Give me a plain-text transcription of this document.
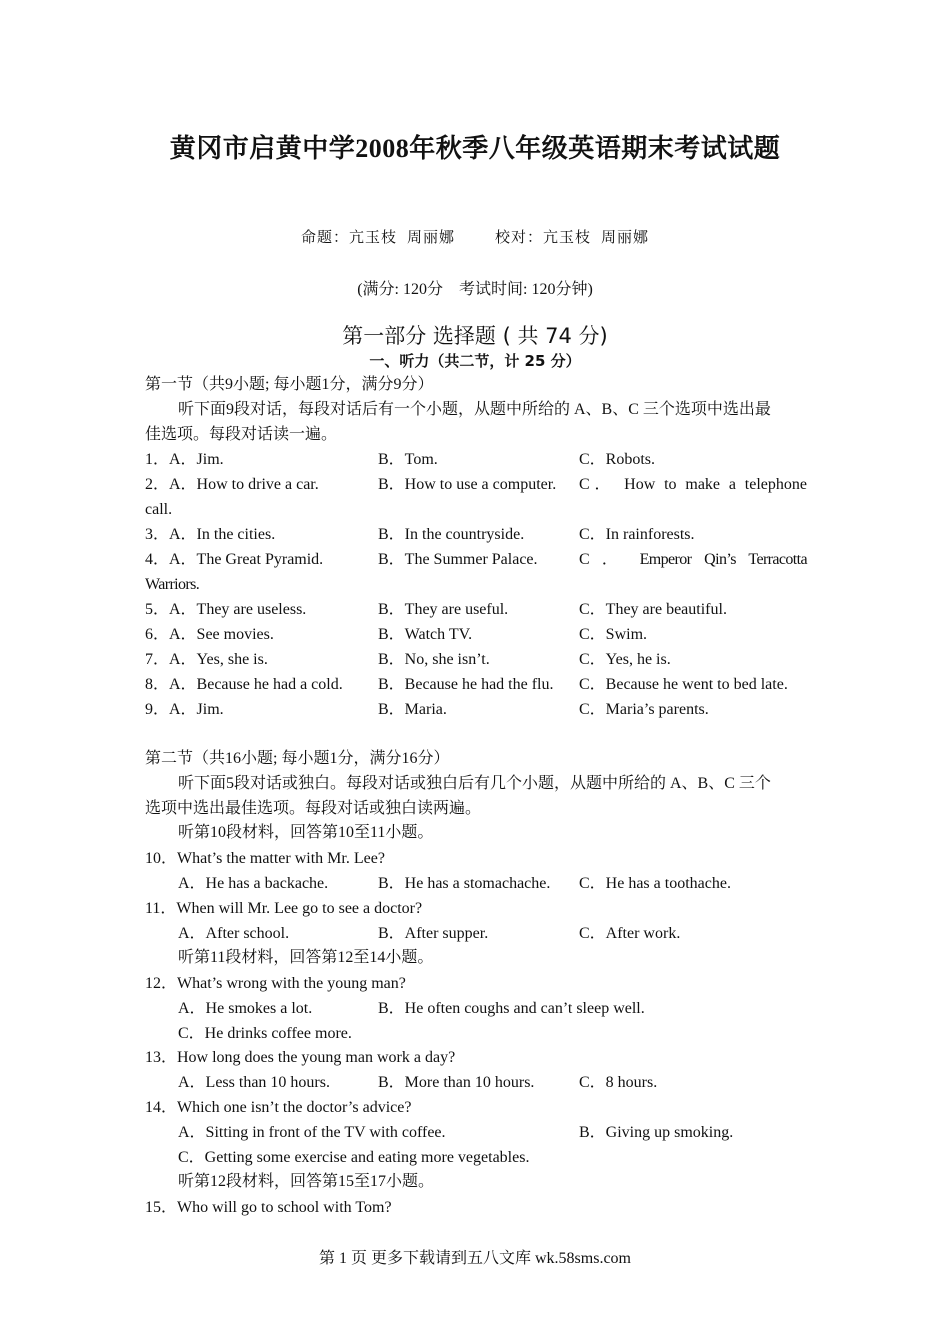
黄冈市启黄中学2008年秋季八年级英语期末考试试题
命题：亢玉枝 周丽娜	校对：亢玉枝 周丽娜
(满分: 120分　考试时间: 120分钟)
第一部分 选择题 ( 共 74 分)
一、听力（共二节，计 25 分）
第一节（共9小题; 每小题1分，满分9分）
听下面9段对话，每段对话后有一个小题，从题中所给的 A、B、C 三个选项中选出最
佳选项。每段对话读一遍。
1．A．Jim.	B．Tom.	C．Robots.
2．A．How to drive a car.	B．How to use a computer. C． How to make a telephone
call.
3．A．In the cities.	B．In the countryside.	C．In rainforests.
4．A．The Great Pyramid.	B．The Summer Palace.	C ． Emperor Qin’s Terracotta
Warriors.
5．A．They are useless.	B．They are useful.	C．They are beautiful.
6．A．See movies.	B．Watch TV.	C．Swim.
7．A．Yes, she is.	B．No, she isn’t.	C．Yes, he is.
8．A．Because he had a cold. B．Because he had the flu. C．Because he went to bed late.
9．A．Jim.	B．Maria.	C．Maria’s parents.
第二节（共16小题; 每小题1分，满分16分）
听下面5段对话或独白。每段对话或独白后有几个小题，从题中所给的 A、B、C 三个
选项中选出最佳选项。每段对话或独白读两遍。
听第10段材料，回答第10至11小题。
10．What’s the matter with Mr. Lee?
A．He has a backache.	B．He has a stomachache. C．He has a toothache.
11．When will Mr. Lee go to see a doctor?
A．After school.	B．After supper.	C．After work.
听第11段材料，回答第12至14小题。
12．What’s wrong with the young man?
A．He smokes a lot.	B．He often coughs and can’t sleep well.
C．He drinks coffee more.
13．How long does the young man work a day?
A．Less than 10 hours.	B．More than 10 hours.	C．8 hours.
14．Which one isn’t the doctor’s advice?
A．Sitting in front of the TV with coffee.	B．Giving up smoking.
C．Getting some exercise and eating more vegetables.
听第12段材料，回答第15至17小题。
15．Who will go to school with Tom?
第 1 页 更多下载请到五八文库 wk.58sms.com
